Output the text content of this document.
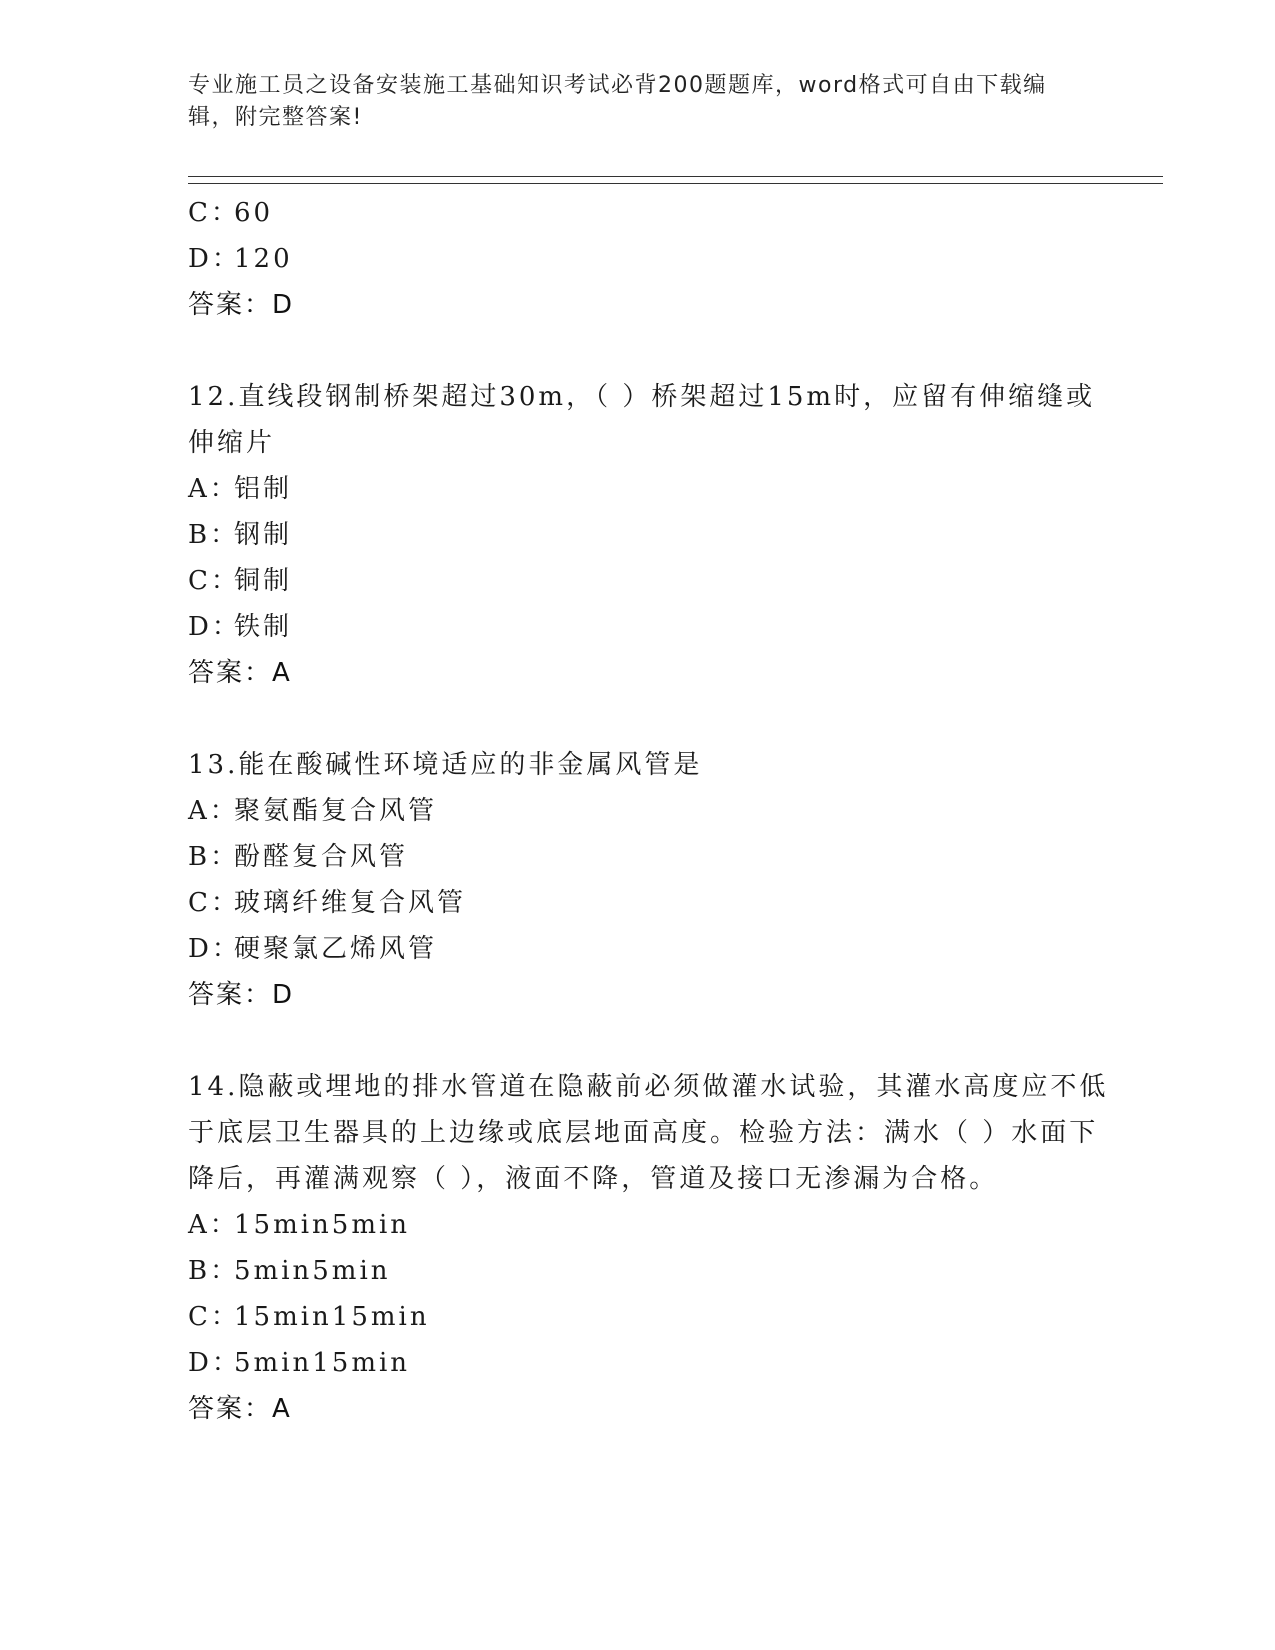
专业施工员之设备安装施工基础知识考试必背200题题库，word格式可自由下载编辑，附完整答案!
C：60
D：120
答案：D
12.直线段钢制桥架超过30m，（ ）桥架超过15m时，应留有伸缩缝或伸缩片
A：铝制
B：钢制
C：铜制
D：铁制
答案：A
13.能在酸碱性环境适应的非金属风管是
A：聚氨酯复合风管
B：酚醛复合风管
C：玻璃纤维复合风管
D：硬聚氯乙烯风管
答案：D
14.隐蔽或埋地的排水管道在隐蔽前必须做灌水试验，其灌水高度应不低于底层卫生器具的上边缘或底层地面高度。检验方法：满水（ ）水面下降后，再灌满观察（ ），液面不降，管道及接口无渗漏为合格。
A：15min5min
B：5min5min
C：15min15min
D：5min15min
答案：A
